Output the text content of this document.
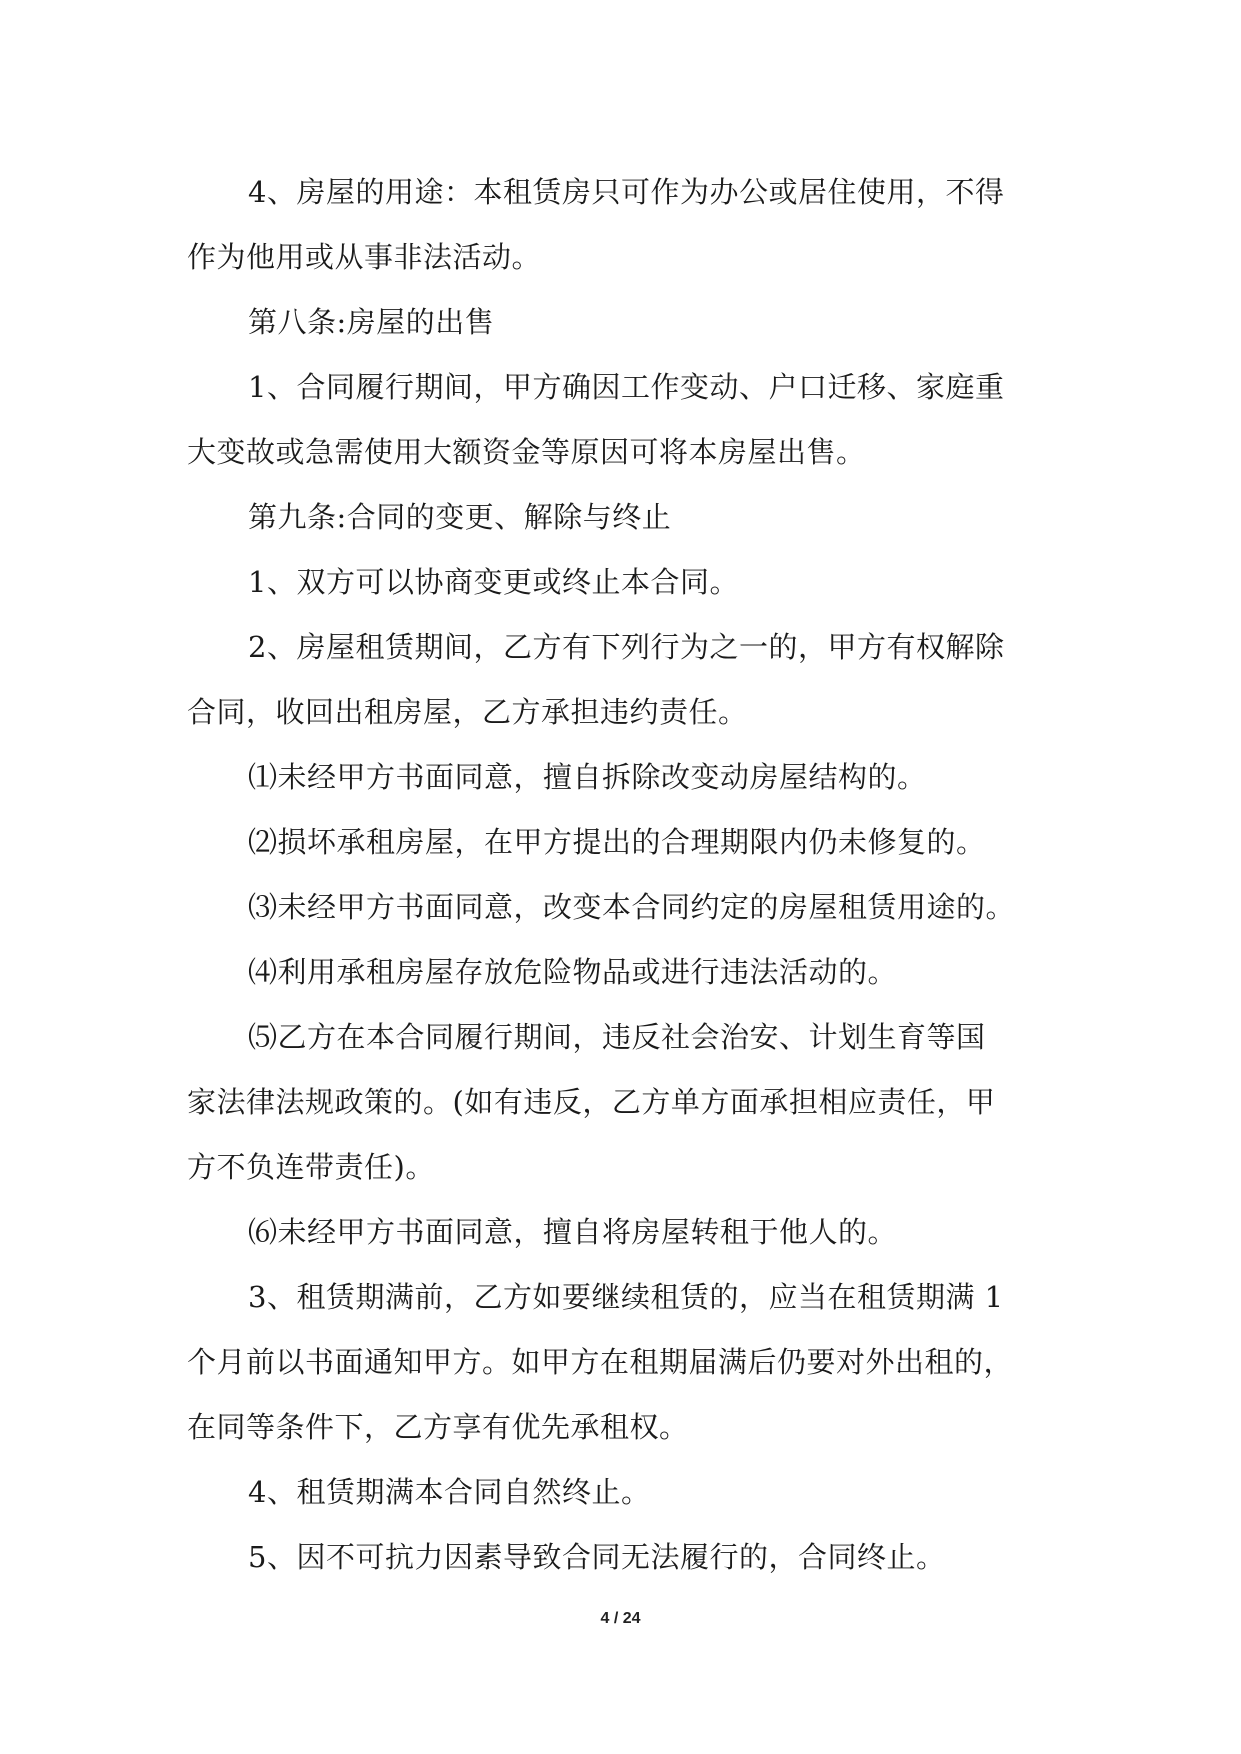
4、房屋的用途：本租赁房只可作为办公或居住使用，不得
作为他用或从事非法活动。
第八条:房屋的出售
1、合同履行期间，甲方确因工作变动、户口迁移、家庭重
大变故或急需使用大额资金等原因可将本房屋出售。
第九条:合同的变更、解除与终止
1、双方可以协商变更或终止本合同。
2、房屋租赁期间，乙方有下列行为之一的，甲方有权解除
合同，收回出租房屋，乙方承担违约责任。
⑴未经甲方书面同意，擅自拆除改变动房屋结构的。
⑵损坏承租房屋，在甲方提出的合理期限内仍未修复的。
⑶未经甲方书面同意，改变本合同约定的房屋租赁用途的。
⑷利用承租房屋存放危险物品或进行违法活动的。
⑸乙方在本合同履行期间，违反社会治安、计划生育等国
家法律法规政策的。(如有违反，乙方单方面承担相应责任，甲
方不负连带责任)。
⑹未经甲方书面同意，擅自将房屋转租于他人的。
3、租赁期满前，乙方如要继续租赁的，应当在租赁期满 1
个月前以书面通知甲方。如甲方在租期届满后仍要对外出租的，
在同等条件下，乙方享有优先承租权。
4、租赁期满本合同自然终止。
5、因不可抗力因素导致合同无法履行的，合同终止。
4 / 24
